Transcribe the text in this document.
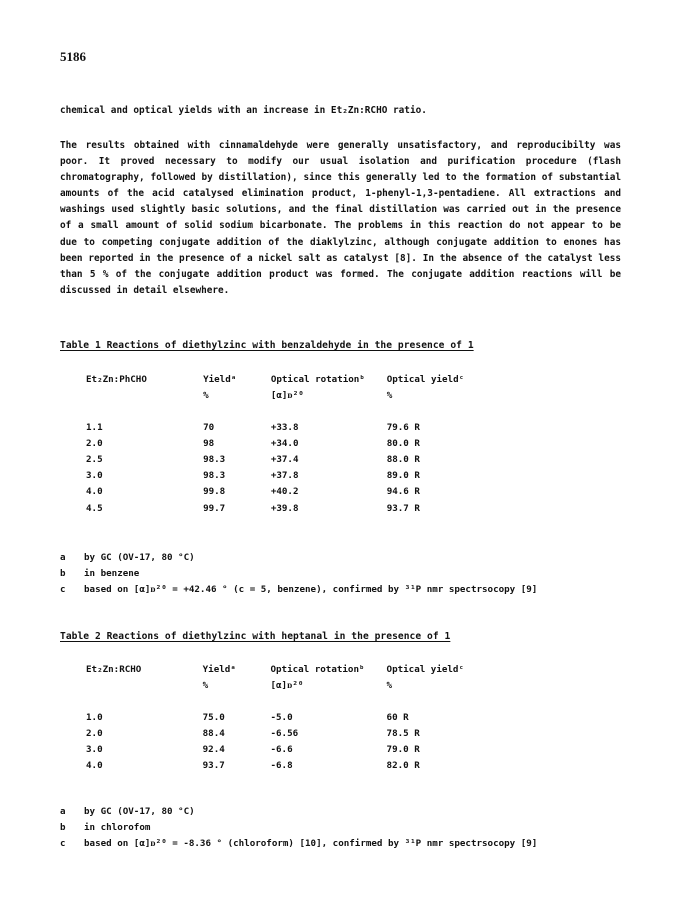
5186

chemical and optical yields with an increase in Et₂Zn:RCHO ratio.

The results obtained with cinnamaldehyde were generally unsatisfactory, and reproducibilty was poor. It proved necessary to modify our usual isolation and purification procedure (flash chromatography, followed by distillation), since this generally led to the formation of substantial amounts of the acid catalysed elimination product, 1-phenyl-1,3-pentadiene. All extractions and washings used slightly basic solutions, and the final distillation was carried out in the presence of a small amount of solid sodium bicarbonate. The problems in this reaction do not appear to be due to competing conjugate addition of the diaklylzinc, although conjugate addition to enones has been reported in the presence of a nickel salt as catalyst [8]. In the absence of the catalyst less than 5 % of the conjugate addition product was formed. The conjugate addition reactions will be discussed in detail elsewhere.

Table 1 Reactions of diethylzinc with benzaldehyde in the presence of 1
Et₂Zn:PhCHO	Yieldᵃ	Optical rotationᵇ	Optical yieldᶜ
	%	[α]ᴅ²⁰	%

1.1	70	+33.8	79.6 R
2.0	98	+34.0	80.0 R
2.5	98.3	+37.4	88.0 R
3.0	98.3	+37.8	89.0 R
4.0	99.8	+40.2	94.6 R
4.5	99.7	+39.8	93.7 R
a by GC (OV-17, 80 °C)
b in benzene
c based on [α]ᴅ²⁰ = +42.46 ° (c = 5, benzene), confirmed by ³¹P nmr spectrsocopy [9]
Table 2 Reactions of diethylzinc with heptanal in the presence of 1
Et₂Zn:RCHO	Yieldᵃ	Optical rotationᵇ	Optical yieldᶜ
	%	[α]ᴅ²⁰	%

1.0	75.0	-5.0	60 R
2.0	88.4	-6.56	78.5 R
3.0	92.4	-6.6	79.0 R
4.0	93.7	-6.8	82.0 R
a by GC (OV-17, 80 °C)
b in chlorofom
c based on [α]ᴅ²⁰ = -8.36 ° (chloroform) [10], confirmed by ³¹P nmr spectrsocopy [9]
